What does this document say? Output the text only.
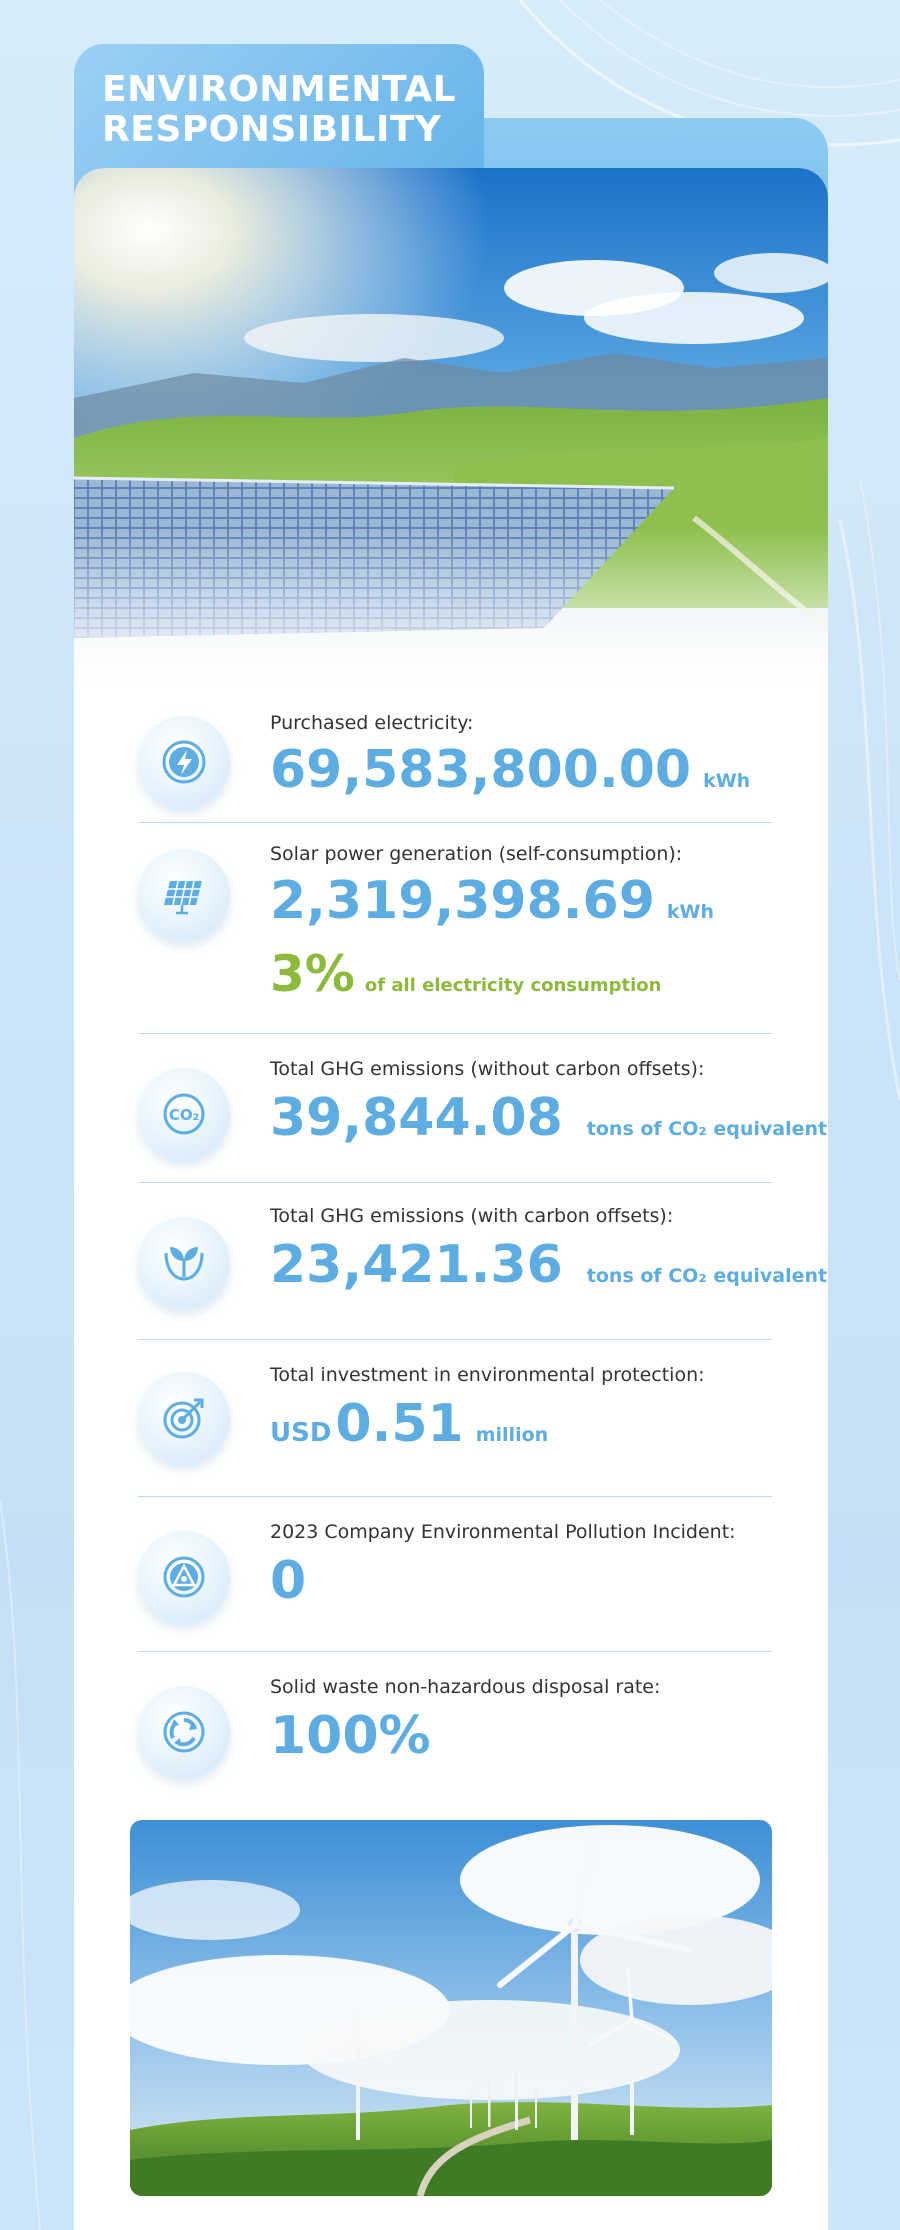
ENVIRONMENTAL
RESPONSIBILITY
Purchased electricity:
69,583,800.00 kWh
Solar power generation (self-consumption):
2,319,398.69 kWh
3% of all electricity consumption
CO₂
Total GHG emissions (without carbon offsets):
39,844.08 tons of CO₂ equivalent
Total GHG emissions (with carbon offsets):
23,421.36 tons of CO₂ equivalent
Total investment in environmental protection:
USD 0.51 million
2023 Company Environmental Pollution Incident:
0
Solid waste non-hazardous disposal rate:
100%
